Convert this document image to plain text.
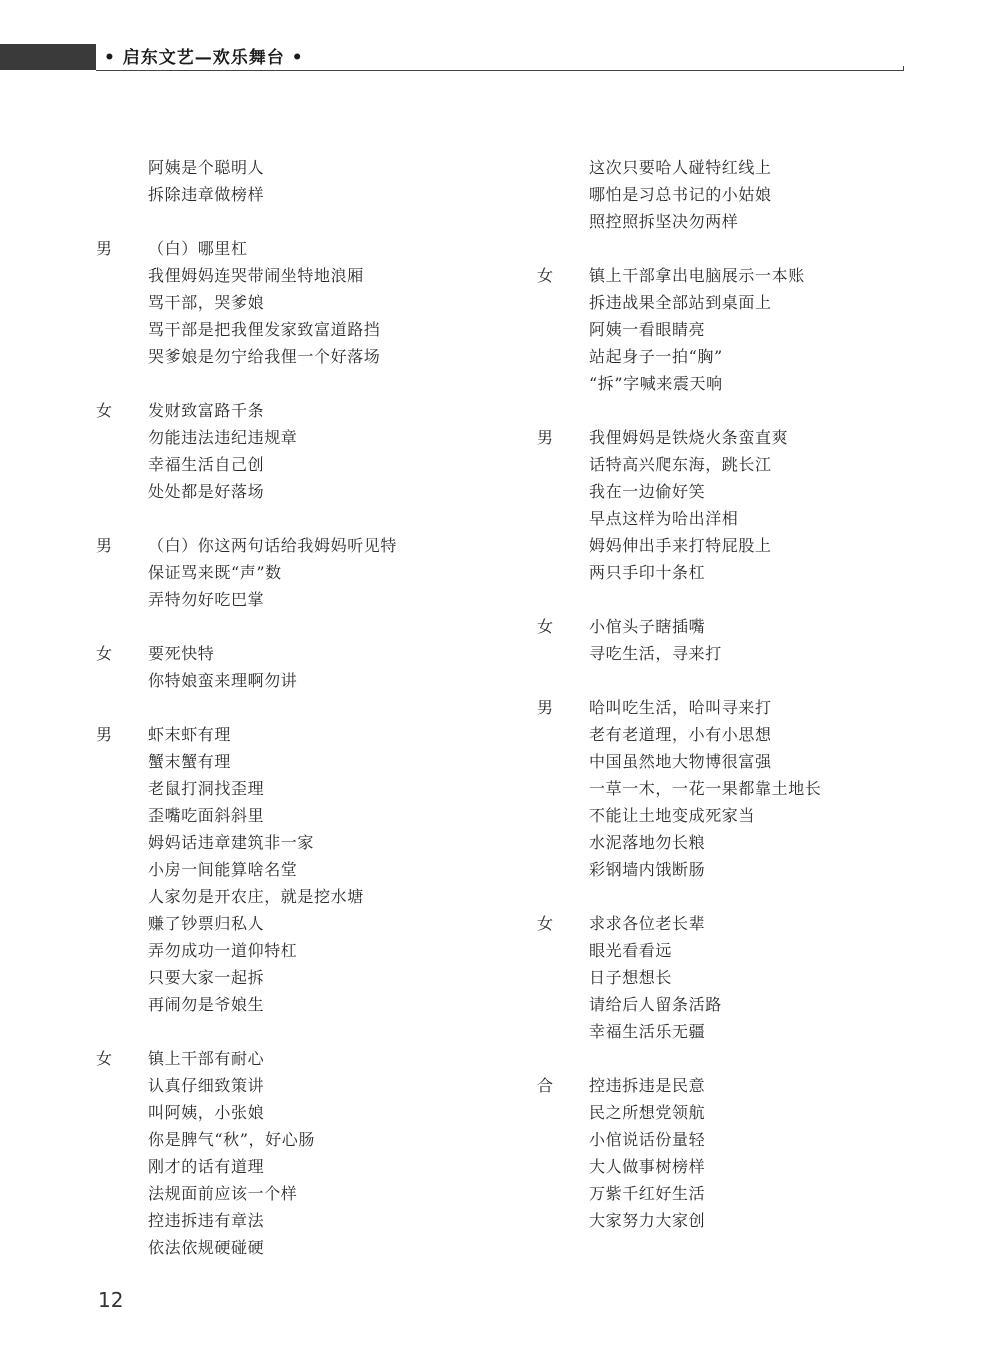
• 启东文艺—欢乐舞台 •
阿姨是个聪明人
拆除违章做榜样
男	（白）哪里杠
我俚姆妈连哭带闹坐特地浪厢
骂干部，哭爹娘
骂干部是把我俚发家致富道路挡
哭爹娘是勿宁给我俚一个好落场
女	发财致富路千条
勿能违法违纪违规章
幸福生活自己创
处处都是好落场
男	（白）你这两句话给我姆妈听见特
保证骂来既“声”数
弄特勿好吃巴掌
女	要死快特
你特娘蛮来理啊勿讲
男	虾末虾有理
蟹末蟹有理
老鼠打洞找歪理
歪嘴吃面斜斜里
姆妈话违章建筑非一家
小房一间能算啥名堂
人家勿是开农庄，就是挖水塘
赚了钞票归私人
弄勿成功一道仰特杠
只要大家一起拆
再闹勿是爷娘生
女	镇上干部有耐心
认真仔细致策讲
叫阿姨，小张娘
你是脾气“秋”，好心肠
刚才的话有道理
法规面前应该一个样
控违拆违有章法
依法依规硬碰硬
这次只要哈人碰特红线上
哪怕是习总书记的小姑娘
照控照拆坚决勿两样
女	镇上干部拿出电脑展示一本账
拆违战果全部站到桌面上
阿姨一看眼睛亮
站起身子一拍“胸”
“拆”字喊来震天响
男	我俚姆妈是铁烧火条蛮直爽
话特高兴爬东海，跳长江
我在一边偷好笑
早点这样为哈出洋相
姆妈伸出手来打特屁股上
两只手印十条杠
女	小倌头子瞎插嘴
寻吃生活，寻来打
男	哈叫吃生活，哈叫寻来打
老有老道理，小有小思想
中国虽然地大物博很富强
一草一木，一花一果都靠土地长
不能让土地变成死家当
水泥落地勿长粮
彩钢墙内饿断肠
女	求求各位老长辈
眼光看看远
日子想想长
请给后人留条活路
幸福生活乐无疆
合	控违拆违是民意
民之所想党领航
小倌说话份量轻
大人做事树榜样
万紫千红好生活
大家努力大家创
12
